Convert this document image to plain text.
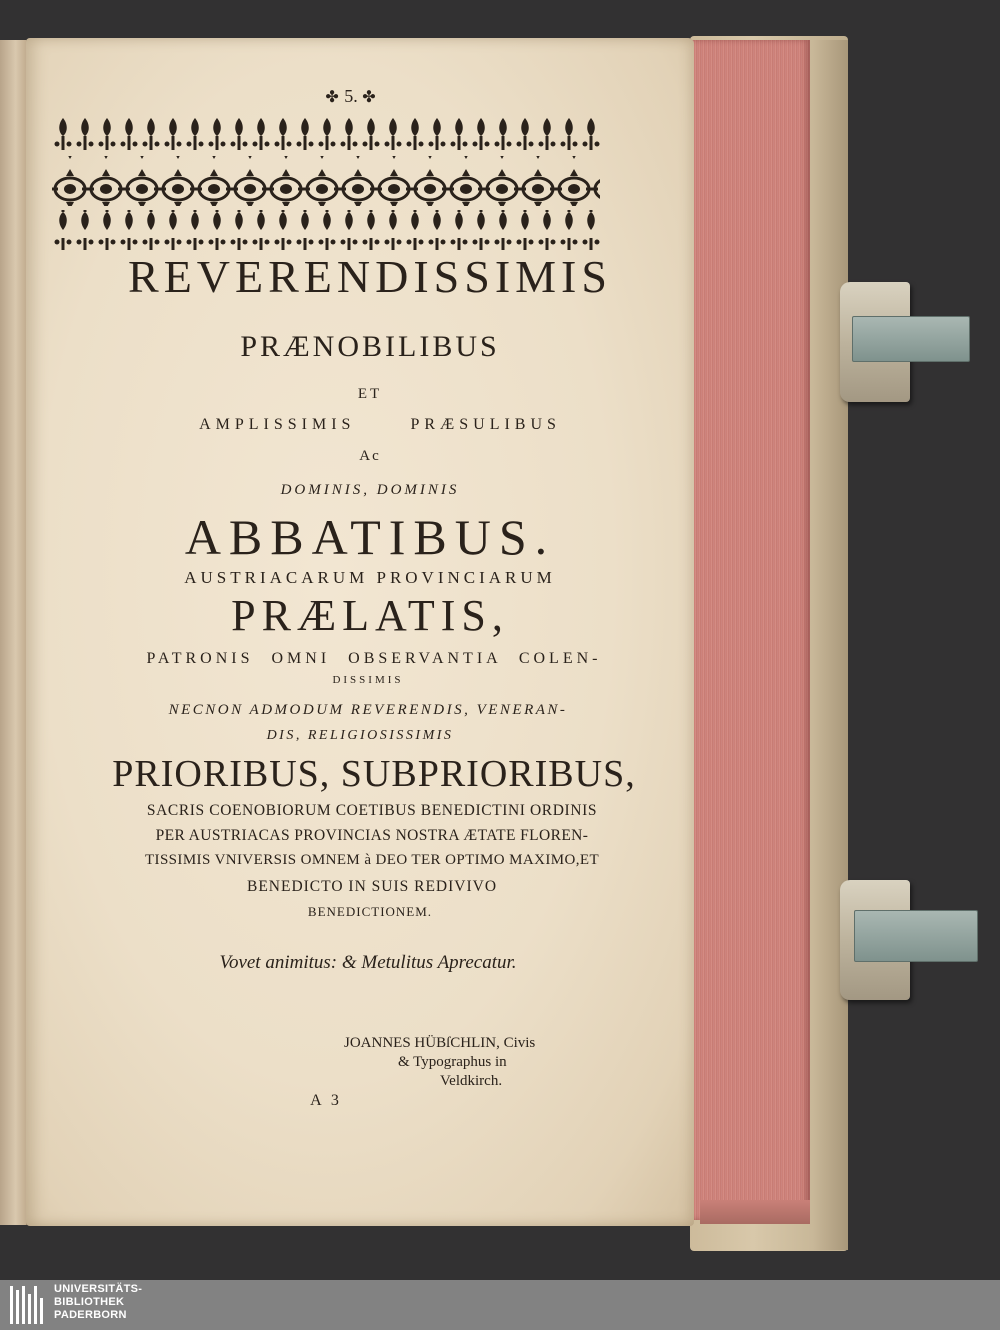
✤ 5. ✤
REVERENDISSIMIS
PRÆNOBILIBUS
ET
AMPLISSIMIS PRÆSULIBUS
Ac
DOMINIS, DOMINIS
ABBATIBUS.
AUSTRIACARUM PROVINCIARUM
PRÆLATIS,
PATRONIS OMNI OBSERVANTIA COLEN-
DISSIMIS
NECNON ADMODUM REVERENDIS, VENERAN-
DIS, RELIGIOSISSIMIS
PRIORIBUS, SUBPRIORIBUS,
SACRIS COENOBIORUM COETIBUS BENEDICTINI ORDINIS
PER AUSTRIACAS PROVINCIAS NOSTRA ÆTATE FLOREN-
TISSIMIS VNIVERSIS OMNEM à DEO TER OPTIMO MAXIMO,ET
BENEDICTO IN SUIS REDIVIVO
BENEDICTIONEM.
Vovet animitus: & Metulitus Aprecatur.
JOANNES HÜBſCHLIN, Civis
& Typographus in
Veldkirch.
A 3
UNIVERSITÄTS-
BIBLIOTHEK
PADERBORN
